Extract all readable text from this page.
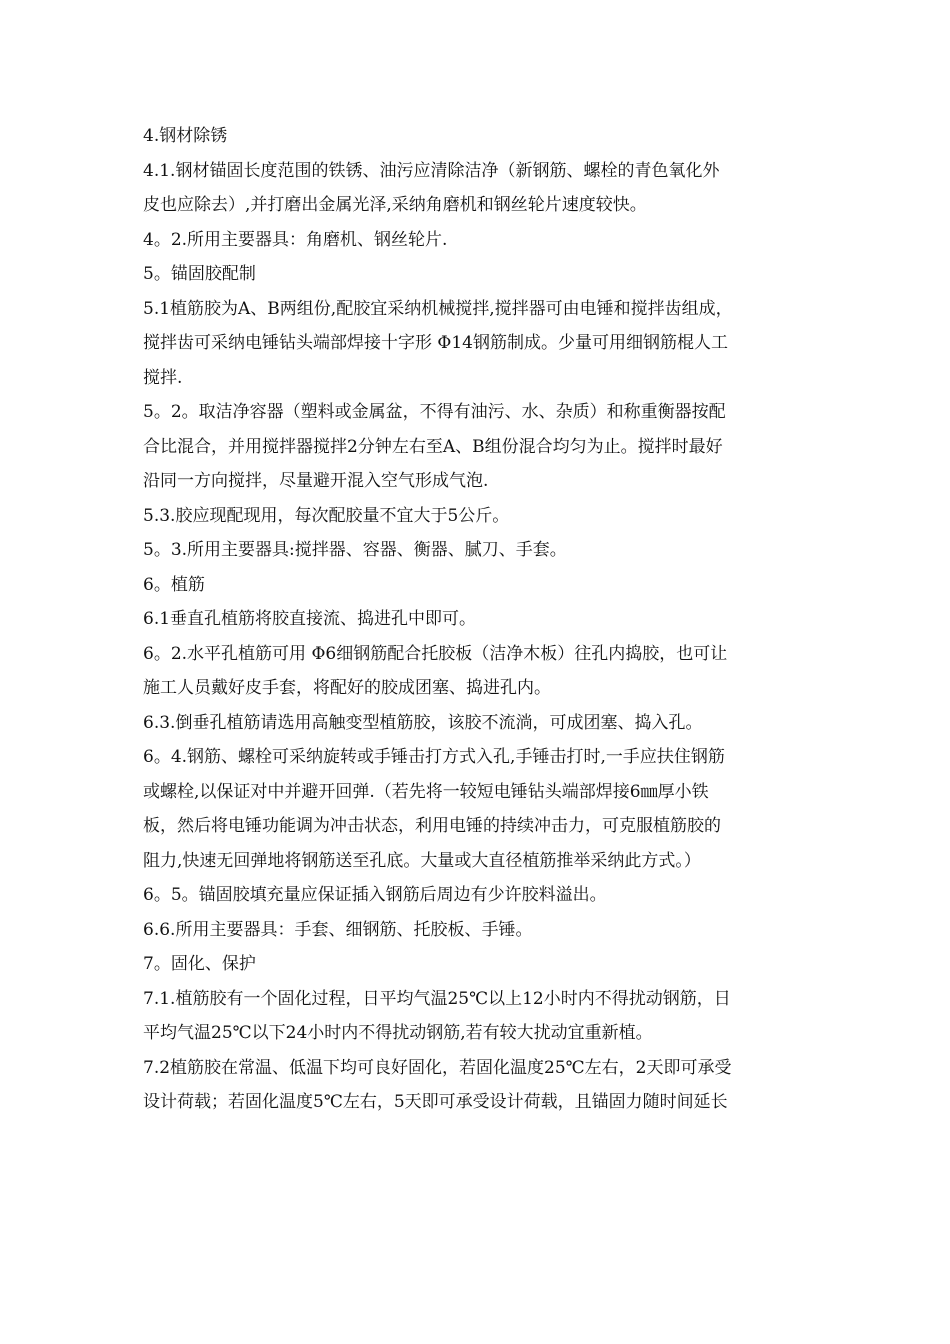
4.钢材除锈
4.1.钢材锚固长度范围的铁锈、油污应清除洁净（新钢筋、螺栓的青色氧化外
皮也应除去）,并打磨出金属光泽,采纳角磨机和钢丝轮片速度较快。
4。2.所用主要器具：角磨机、钢丝轮片.
5。锚固胶配制
5.1植筋胶为A、B两组份,配胶宜采纳机械搅拌,搅拌器可由电锤和搅拌齿组成，
搅拌齿可采纳电锤钻头端部焊接十字形 Φ14钢筋制成。少量可用细钢筋棍人工
搅拌.
5。2。取洁净容器（塑料或金属盆，不得有油污、水、杂质）和称重衡器按配
合比混合，并用搅拌器搅拌2分钟左右至A、B组份混合均匀为止。搅拌时最好
沿同一方向搅拌，尽量避开混入空气形成气泡.
5.3.胶应现配现用，每次配胶量不宜大于5公斤。
5。3.所用主要器具:搅拌器、容器、衡器、腻刀、手套。
6。植筋
6.1垂直孔植筋将胶直接流、捣进孔中即可。
6。2.水平孔植筋可用 Φ6细钢筋配合托胶板（洁净木板）往孔内捣胶，也可让
施工人员戴好皮手套，将配好的胶成团塞、捣进孔内。
6.3.倒垂孔植筋请选用高触变型植筋胶，该胶不流淌，可成团塞、捣入孔。
6。4.钢筋、螺栓可采纳旋转或手锤击打方式入孔,手锤击打时,一手应扶住钢筋
或螺栓,以保证对中并避开回弹.（若先将一较短电锤钻头端部焊接6㎜厚小铁
板，然后将电锤功能调为冲击状态，利用电锤的持续冲击力，可克服植筋胶的
阻力,快速无回弹地将钢筋送至孔底。大量或大直径植筋推举采纳此方式。）
6。5。锚固胶填充量应保证插入钢筋后周边有少许胶料溢出。
6.6.所用主要器具：手套、细钢筋、托胶板、手锤。
7。固化、保护
7.1.植筋胶有一个固化过程，日平均气温25℃以上12小时内不得扰动钢筋，日
平均气温25℃以下24小时内不得扰动钢筋,若有较大扰动宜重新植。
7.2植筋胶在常温、低温下均可良好固化，若固化温度25℃左右，2天即可承受
设计荷载；若固化温度5℃左右，5天即可承受设计荷载，且锚固力随时间延长
